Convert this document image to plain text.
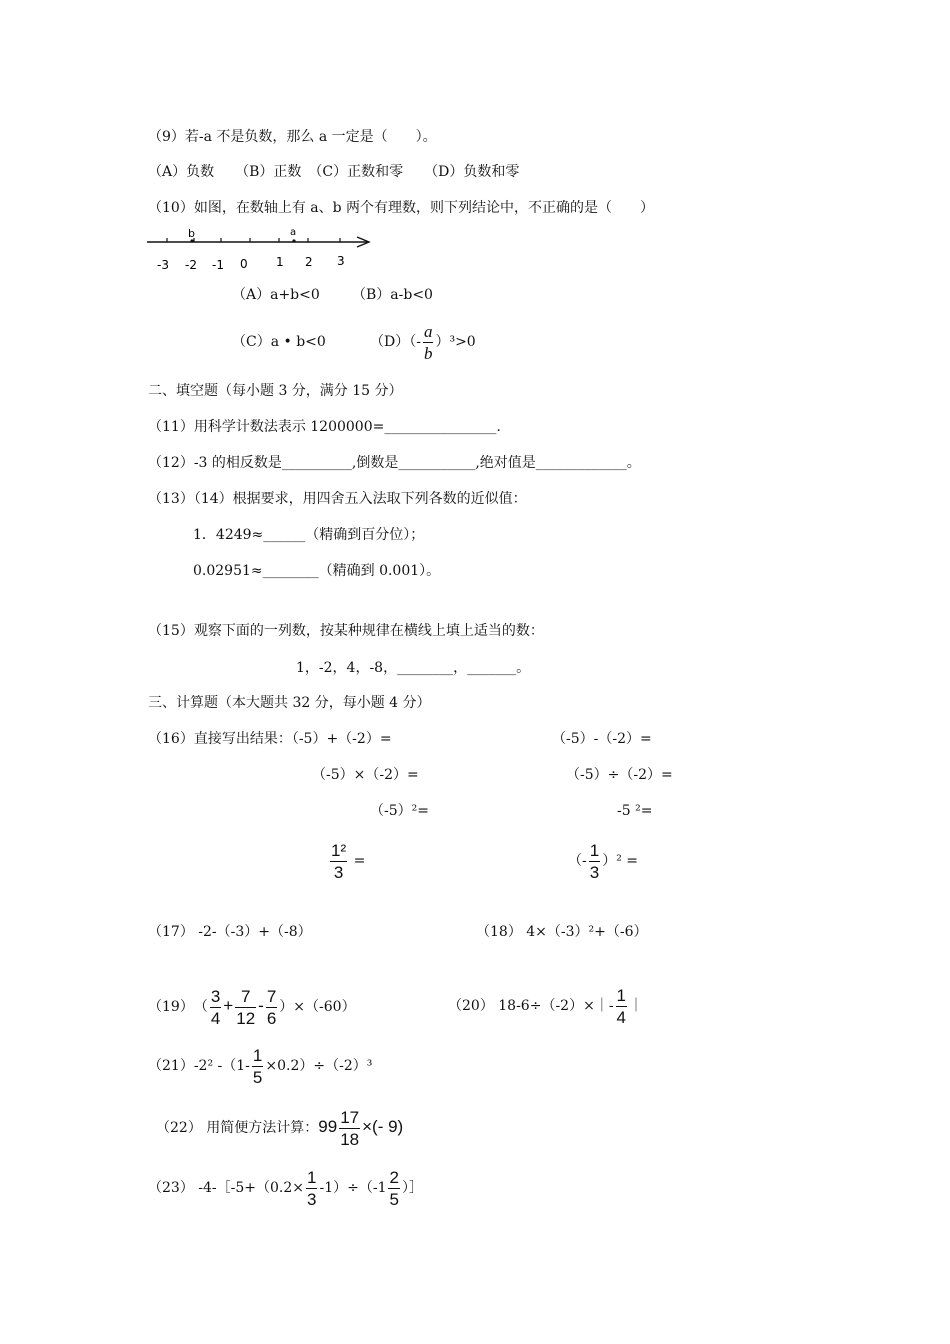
（9）若-a 不是负数，那么 a 一定是（　　）。
（A）负数　　（B）正数　（C）正数和零　　（D）负数和零
（10）如图，在数轴上有 a、b 两个有理数，则下列结论中，不正确的是（　　）
b	a
-3 -2 -1 0 1 2 3
（A）a+b<0 （B）a-b<0
（C）a • b<0	$(D)(- \frac{a}{b} )^3>0$
二、填空题（每小题 3 分，满分 15 分）
（11）用科学计数法表示 1200000=________________.
（12）-3 的相反数是__________,倒数是___________,绝对值是_____________。
（13）（14）根据要求，用四舍五入法取下列各数的近似值：
1．4249≈______（精确到百分位）；
0.02951≈________（精确到 0.001）。
（15）观察下面的一列数，按某种规律在横线上填上适当的数：
1，-2，4，-8，________，_______。
三、计算题（本大题共 32 分，每小题 4 分）
（16）直接写出结果：（-5）+（-2）=	（-5）-（-2）=
（-5）×（-2）=	（-5）÷（-2）=
（-5）²=	-5 ²=
$\frac{\text{1²}}{3}$ =	（- $\frac{1}{3} )^2$ =
（17） -2-（-3）+（-8）	（18） 4×（-3）²+（-6）
（19）　（ $\frac{3}{4} + \frac{7}{12} - \frac{7}{6} )\times(-60)$	（20） 18-6÷（-2）×｜- $\frac{1}{4}$ ｜
（21）-2² $-(1- \frac{1}{5} \times 0.2)\div(-2)^3$
（22） 用简便方法计算：$99 \frac{17}{18}$ ×(- 9)
（23） -4-［-5+（0.2× $\frac{1}{3} -1)\div(-1 \frac{2}{5}$ ）］
